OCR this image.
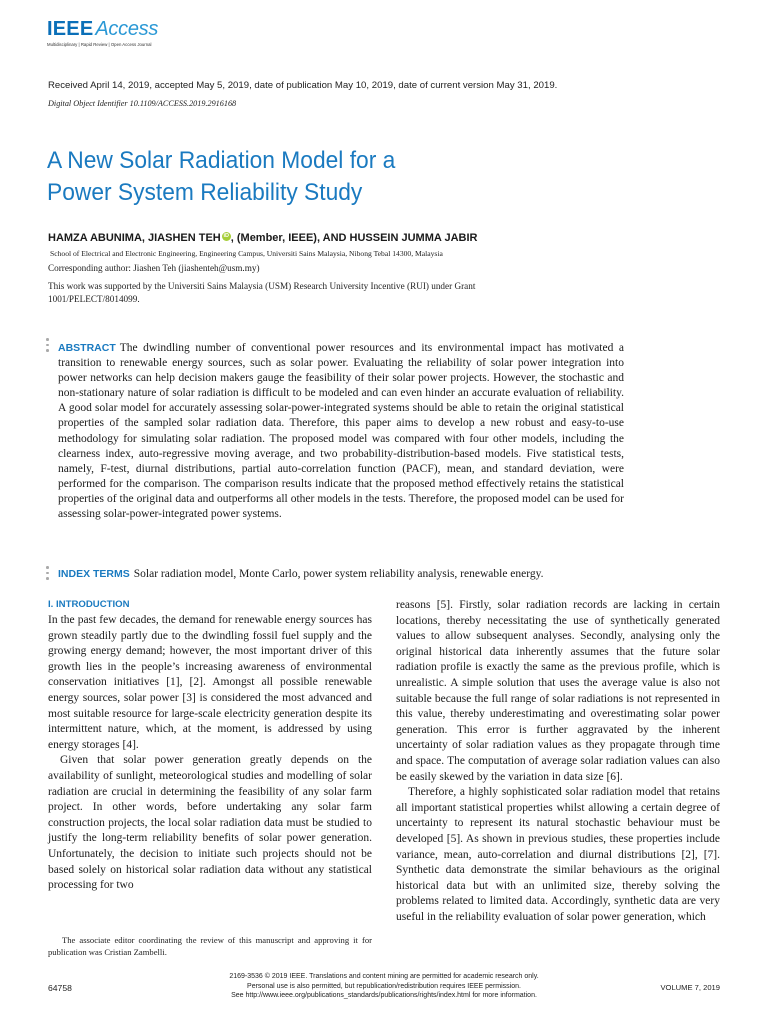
IEEE Access
Multidisciplinary | Rapid Review | Open Access Journal
Received April 14, 2019, accepted May 5, 2019, date of publication May 10, 2019, date of current version May 31, 2019.
Digital Object Identifier 10.1109/ACCESS.2019.2916168
A New Solar Radiation Model for a
Power System Reliability Study
HAMZA ABUNIMA, JIASHEN TEH iD , (Member, IEEE), AND HUSSEIN JUMMA JABIR
School of Electrical and Electronic Engineering, Engineering Campus, Universiti Sains Malaysia, Nibong Tebal 14300, Malaysia
Corresponding author: Jiashen Teh (jiashenteh@usm.my)
This work was supported by the Universiti Sains Malaysia (USM) Research University Incentive (RUI) under Grant
1001/PELECT/8014099.
ABSTRACT The dwindling number of conventional power resources and its environmental impact has motivated a transition to renewable energy sources, such as solar power. Evaluating the reliability of solar power integration into power networks can help decision makers gauge the feasibility of their solar power projects. However, the stochastic and non-stationary nature of solar radiation is difficult to be modeled and can even hinder an accurate evaluation of reliability. A good solar model for accurately assessing solar-power-integrated systems should be able to retain the original statistical properties of the sampled solar radiation data. Therefore, this paper aims to develop a new robust and easy-to-use methodology for simulating solar radiation. The proposed model was compared with four other models, including the clearness index, auto-regressive moving average, and two probability-distribution-based models. Five statistical tests, namely, F-test, diurnal distributions, partial auto-correlation function (PACF), mean, and standard deviation, were performed for the comparison. The comparison results indicate that the proposed method effectively retains the statistical properties of the original data and outperforms all other models in the tests. Therefore, the proposed model can be used for assessing solar-power-integrated power systems.
INDEX TERMS Solar radiation model, Monte Carlo, power system reliability analysis, renewable energy.
I. INTRODUCTION

In the past few decades, the demand for renewable energy sources has grown steadily partly due to the dwindling fossil fuel supply and the growing energy demand; however, the most important driver of this growth lies in the people’s increasing awareness of environmental conservation initiatives [1], [2]. Amongst all possible renewable energy sources, solar power [3] is considered the most advanced and most suitable resource for large-scale electricity generation despite its intermittent nature, which, at the moment, is addressed by using energy storages [4].

Given that solar power generation greatly depends on the availability of sunlight, meteorological studies and modelling of solar radiation are crucial in determining the feasibility of any solar farm project. In other words, before undertaking any solar farm construction projects, the local solar radiation data must be studied to justify the long-term reliability benefits of solar power generation. Unfortunately, the decision to initiate such projects should not be based solely on historical solar radiation data without any statistical processing for two

reasons [5]. Firstly, solar radiation records are lacking in certain locations, thereby necessitating the use of synthetically generated values to allow subsequent analyses. Secondly, analysing only the original historical data inherently assumes that the future solar radiation profile is exactly the same as the previous profile, which is unrealistic. A simple solution that uses the average value is also not suitable because the full range of solar radiations is not represented in this value, thereby underestimating and overestimating solar power generation. This error is further aggravated by the inherent uncertainty of solar radiation values as they propagate through time and space. The computation of average solar radiation values can also be easily skewed by the variation in data size [6].

Therefore, a highly sophisticated solar radiation model that retains all important statistical properties whilst allowing a certain degree of uncertainty to represent its natural stochastic behaviour must be developed [5]. As shown in previous studies, these properties include variance, mean, auto-correlation and diurnal distributions [2], [7]. Synthetic data demonstrate the similar behaviours as the original historical data but with an unlimited size, thereby solving the problems related to limited data. Accordingly, synthetic data are very useful in the reliability evaluation of solar power generation, which

The associate editor coordinating the review of this manuscript and approving it for publication was Cristian Zambelli.
64758
2169-3536 © 2019 IEEE. Translations and content mining are permitted for academic research only.
Personal use is also permitted, but republication/redistribution requires IEEE permission.
See http://www.ieee.org/publications_standards/publications/rights/index.html for more information.
VOLUME 7, 2019
